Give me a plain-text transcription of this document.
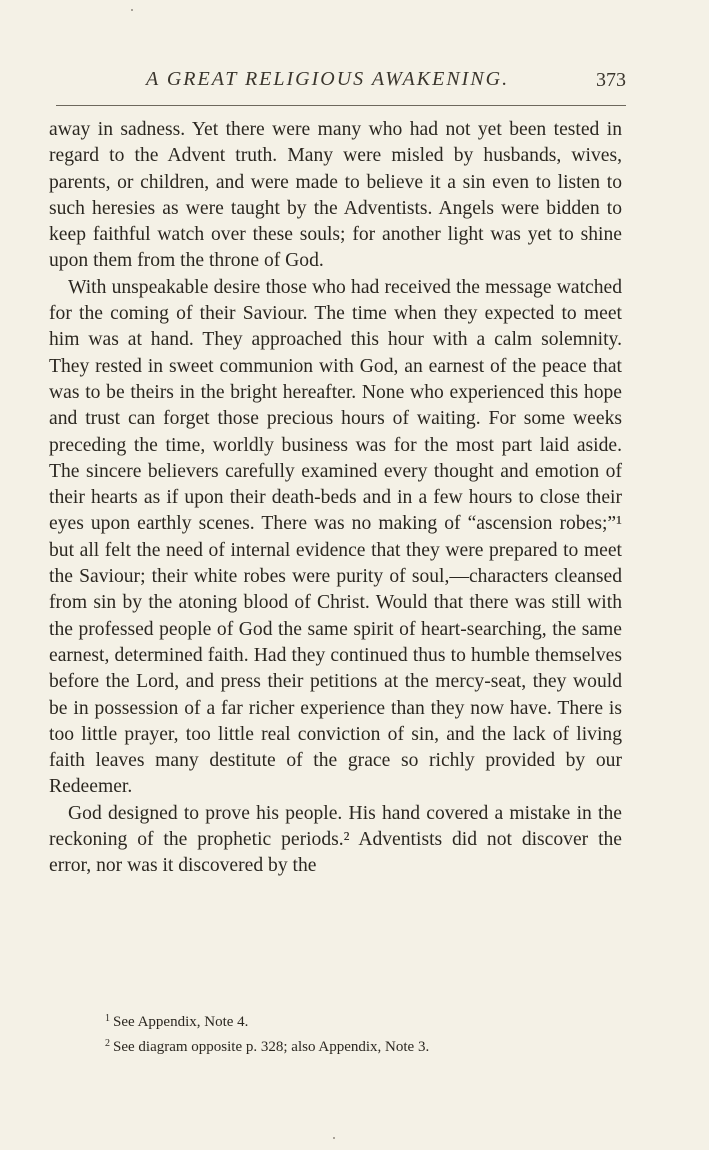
A GREAT RELIGIOUS AWAKENING.	373

away in sadness. Yet there were many who had not yet been tested in regard to the Advent truth. Many were misled by husbands, wives, parents, or children, and were made to believe it a sin even to listen to such heresies as were taught by the Adventists. Angels were bidden to keep faithful watch over these souls; for another light was yet to shine upon them from the throne of God.

With unspeakable desire those who had received the message watched for the coming of their Saviour. The time when they expected to meet him was at hand. They approached this hour with a calm solemnity. They rested in sweet communion with God, an earnest of the peace that was to be theirs in the bright hereafter. None who experienced this hope and trust can forget those precious hours of waiting. For some weeks preceding the time, worldly business was for the most part laid aside. The sincere believers carefully examined every thought and emotion of their hearts as if upon their death-beds and in a few hours to close their eyes upon earthly scenes. There was no making of “ascension robes;”¹ but all felt the need of internal evidence that they were prepared to meet the Saviour; their white robes were purity of soul,—characters cleansed from sin by the atoning blood of Christ. Would that there was still with the professed people of God the same spirit of heart-searching, the same earnest, determined faith. Had they continued thus to humble themselves before the Lord, and press their petitions at the mercy-seat, they would be in possession of a far richer experience than they now have. There is too little prayer, too little real conviction of sin, and the lack of living faith leaves many destitute of the grace so richly provided by our Redeemer.

God designed to prove his people. His hand covered a mistake in the reckoning of the prophetic periods.² Adventists did not discover the error, nor was it discovered by the

$^1$ See Appendix, Note 4.
$^2$ See diagram opposite p. 328; also Appendix, Note 3.
